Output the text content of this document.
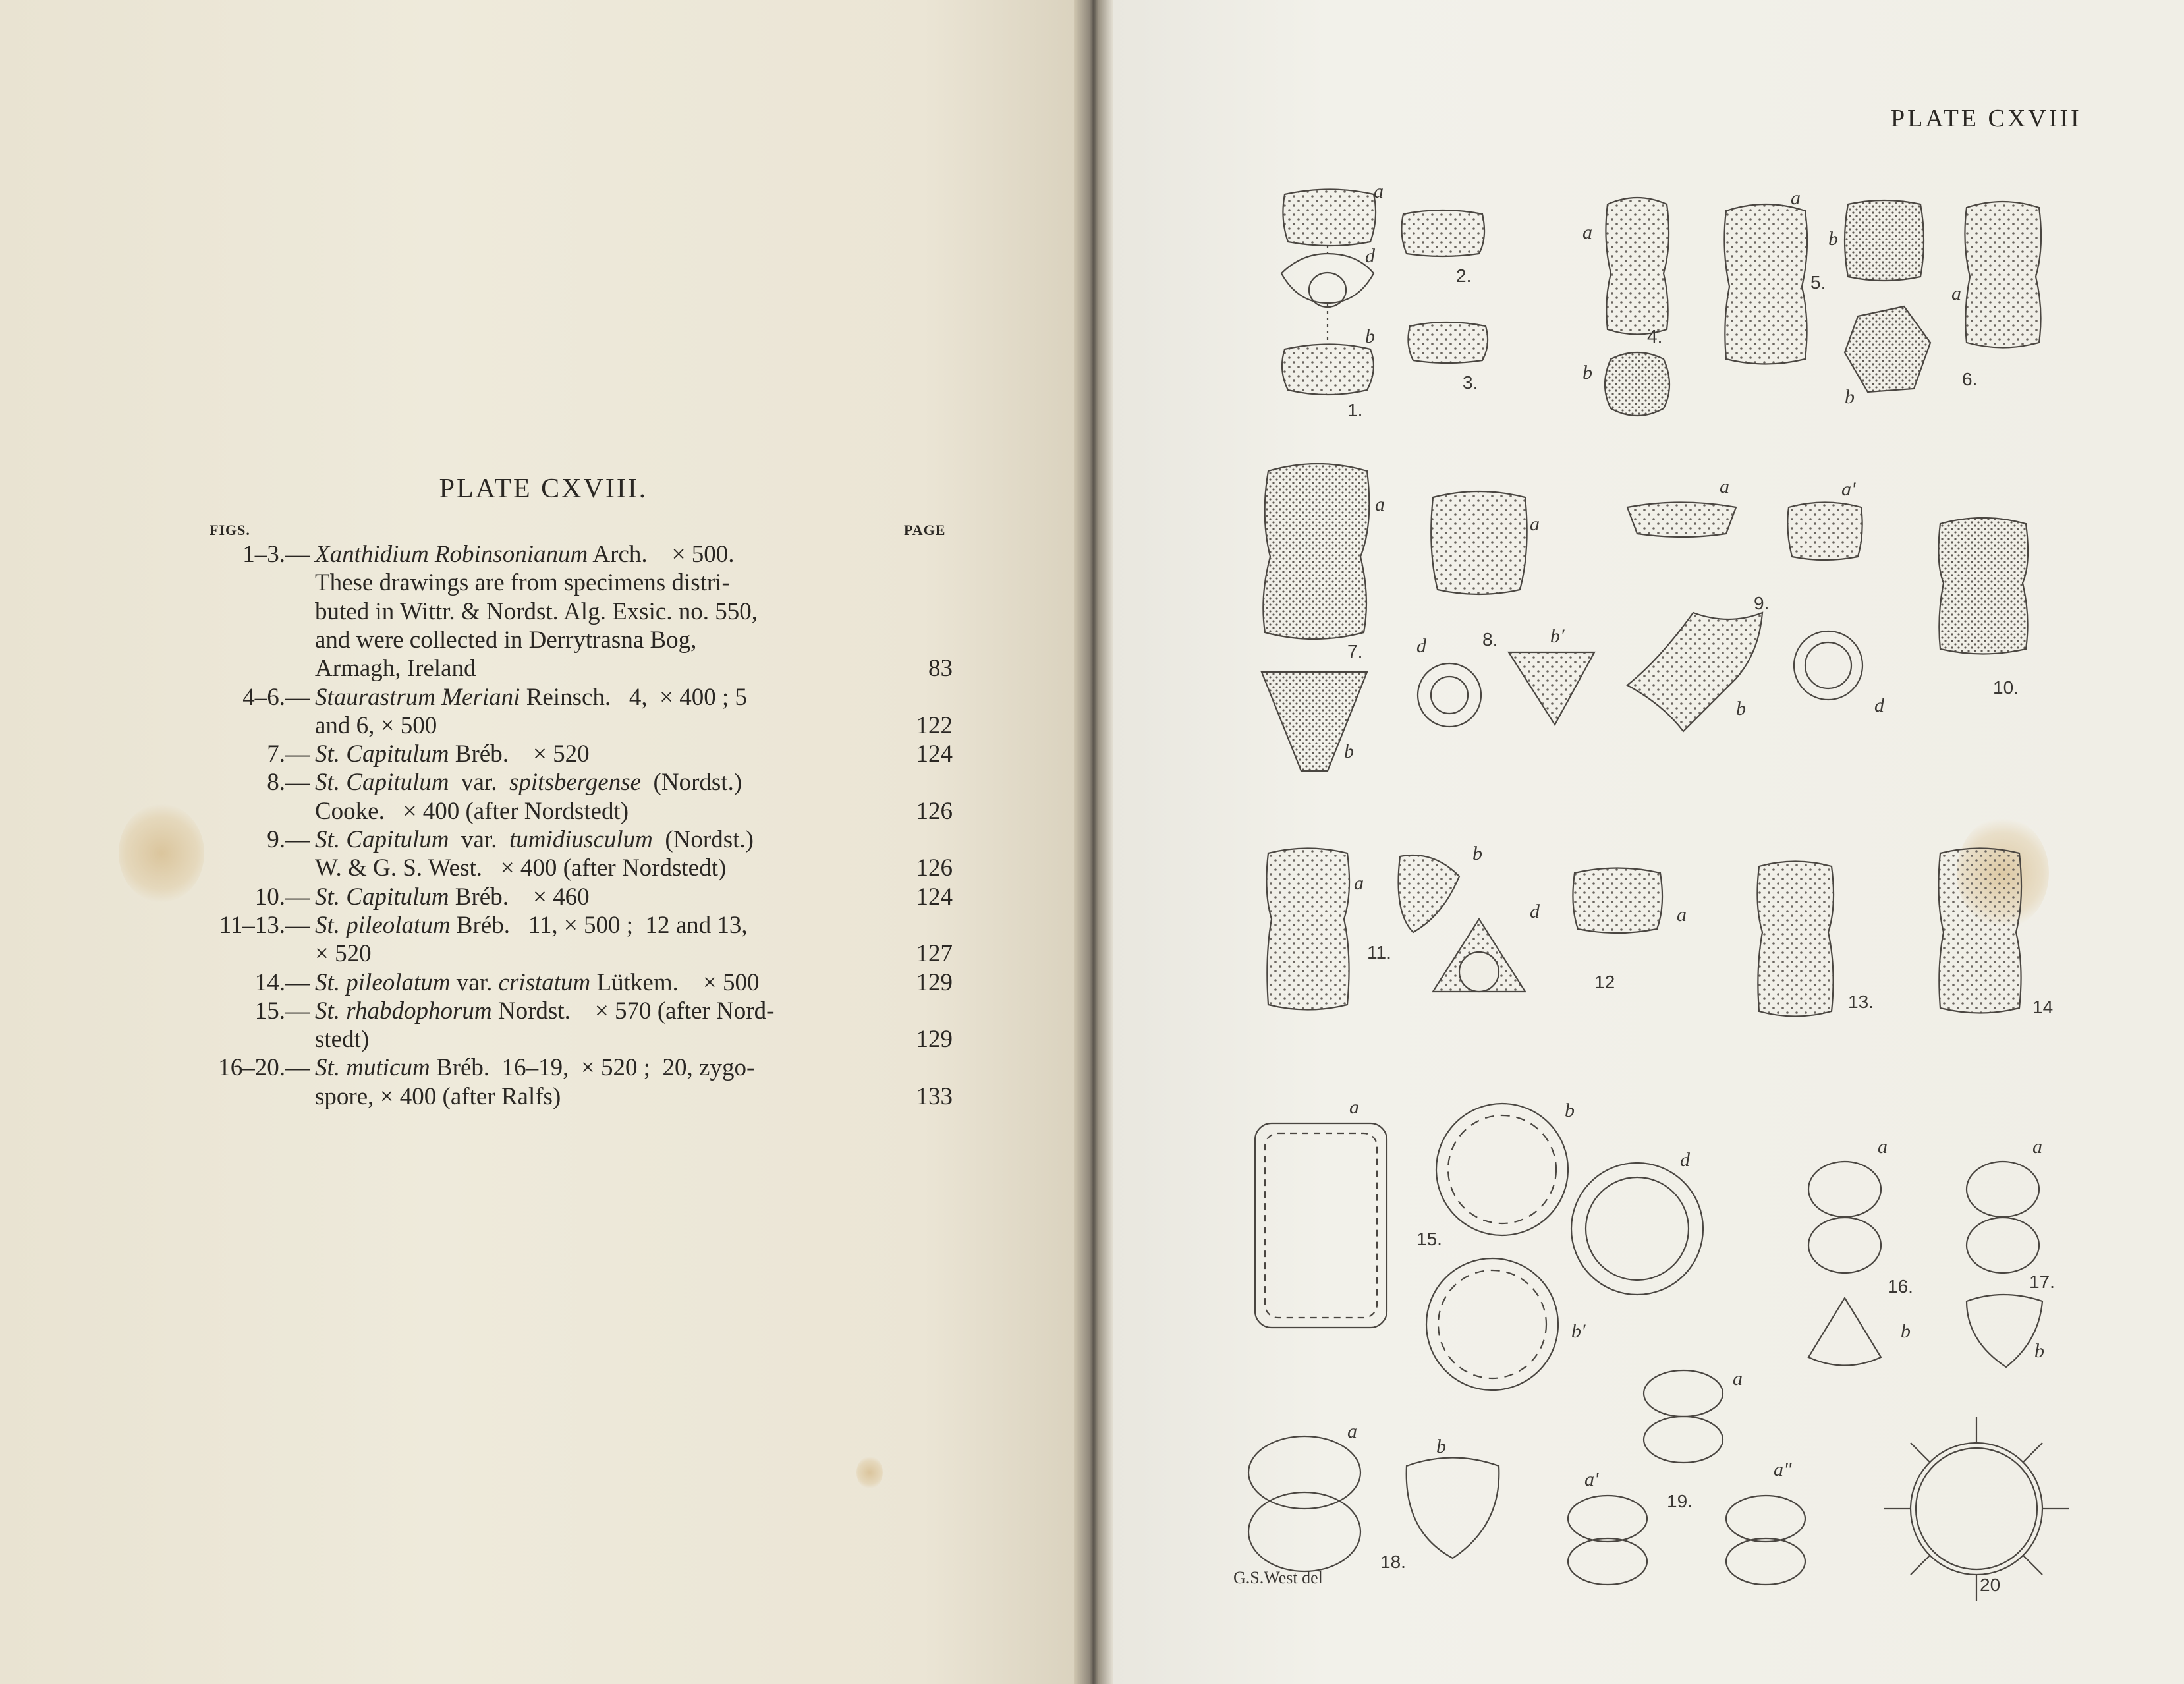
PLATE CXVIII.
FIGS.	PAGE
1–3.— Xanthidium Robinsonianum Arch.    × 500.
These drawings are from specimens distri-
buted in Wittr. & Nordst. Alg. Exsic. no. 550,
and were collected in Derrytrasna Bog,
Armagh, Ireland	83
4–6.— Staurastrum Meriani Reinsch.   4,  × 400 ; 5
and 6, × 500	122
7.— St. Capitulum Bréb.    × 520	124
8.— St. Capitulum  var.  spitsbergense  (Nordst.)
Cooke.   × 400 (after Nordstedt)	126
9.— St. Capitulum  var.  tumidiusculum  (Nordst.)
W. & G. S. West.   × 400 (after Nordstedt)	126
10.— St. Capitulum Bréb.    × 460	124
11–13.— St. pileolatum Bréb.   11, × 500 ;  12 and 13,
× 520	127
14.— St. pileolatum var. cristatum Lütkem.    × 500	129
15.— St. rhabdophorum Nordst.    × 570 (after Nord-
stedt)	129
16–20.— St. muticum Bréb.  16–19,  × 520 ;  20, zygo-
spore, × 400 (after Ralfs)	133
PLATE CXVIII
1.
2.
3.
4.
5.
6.
7.
8.
9.
10.
11.
12
13.	14
15.
16.	17.
18.
19.
20
a
d
b
a
b
a
b
b
a
a
b
a
d	b'
a	a'
b	d
a
b
d	a
a	b
d
b'
a	a
b
b
a
b
a
a'	a"
G.S.West del
